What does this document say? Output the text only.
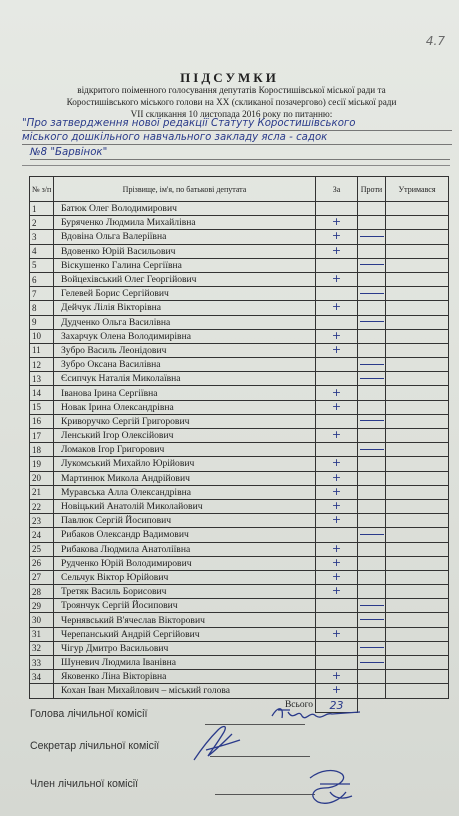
4.7
ПІДСУМКИ
відкритого поіменного голосування депутатів Коростишівської міської ради та
Коростишівського міського голови на XX (скликаної позачергово) сесії міської ради
VII скликання 10 листопада 2016 року по питанню:
"Про затвердження нової редакції Статуту Коростишівського
міського дошкільного навчального закладу ясла - садок
№8 "Барвінок"
№ з/п	Прізвище, ім'я, по батькові депутата	За	Проти	Утримався
1	Батюк Олег Володимирович			
2	Буряченко Людмила Михайлівна	+		
3	Вдовіна Ольга Валеріївна	+		
4	Вдовенко Юрій Васильович	+		
5	Віскушенко Галина Сергіївна			
6	Войцехівський Олег Георгійович	+		
7	Гелевей Борис Сергійович			
8	Дейчук Лілія Вікторівна	+		
9	Дудченко Ольга Василівна			
10	Захарчук Олена Володимирівна	+		
11	Зубро Василь Леонідович	+		
12	Зубро Оксана Василівна			
13	Єсипчук Наталія Миколаївна			
14	Іванова Ірина Сергіївна	+		
15	Новак Ірина Олександрівна	+		
16	Криворучко Сергій Григорович			
17	Ленський Ігор Олексійович	+		
18	Ломаков Ігор Григорович			
19	Лукомський Михайло Юрійович	+		
20	Мартинюк Микола Андрійович	+		
21	Муравська Алла Олександрівна	+		
22	Новіцький Анатолій Миколайович	+		
23	Павлюк Сергій Йосипович	+		
24	Рибаков Олександр Вадимович			
25	Рибакова Людмила Анатоліївна	+		
26	Рудченко Юрій Володимирович	+		
27	Сельчук Віктор Юрійович	+		
28	Третяк Василь Борисович	+		
29	Троянчук Сергій Йосипович			
30	Чернявський В'ячеслав Вікторович			
31	Черепанський Андрій Сергійович	+		
32	Чігур Дмитро Васильович			
33	Шуневич Людмила Іванівна			
34	Яковенко Ліна Вікторівна	+		
	Кохан Іван Михайлович – міський голова	+		
Всього		23		
Голова лічильної комісії
Секретар лічильної комісії
Член лічильної комісії
